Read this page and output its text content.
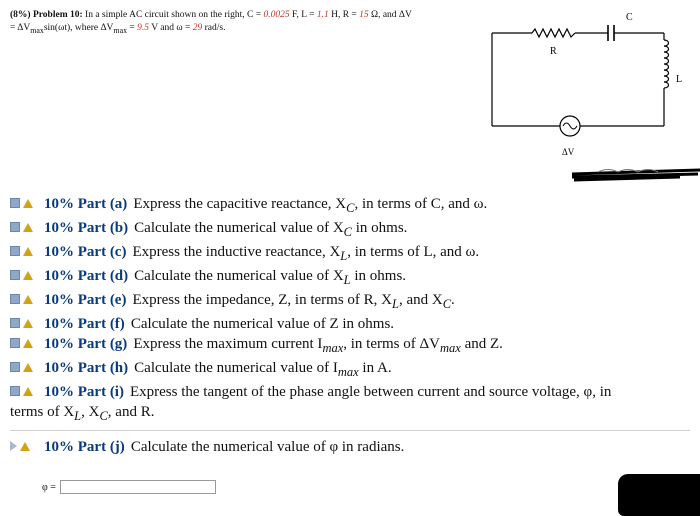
(8%) Problem 10: In a simple AC circuit shown on the right, C = 0.0025 F, L = 1.1 H, R = 15 Ω, and ΔV
= $\Delta V_{max}\sin(\omega t)$, where $\Delta V_{max} = 9.5$ V and ω = 29 rad/s.
C
R
L
ΔV
10% Part (a) Express the capacitive reactance, $X_C$, in terms of C, and ω.
10% Part (b) Calculate the numerical value of $X_C$ in ohms.
10% Part (c) Express the inductive reactance, $X_L$, in terms of L, and ω.
10% Part (d) Calculate the numerical value of $X_L$ in ohms.
10% Part (e) Express the impedance, Z, in terms of R, $X_L$, and $X_C$.
10% Part (f) Calculate the numerical value of Z in ohms.
10% Part (g) Express the maximum current $I_{max}$, in terms of $\Delta V_{max}$ and Z.
10% Part (h) Calculate the numerical value of $I_{max}$ in A.
10% Part (i) Express the tangent of the phase angle between current and source voltage, φ, in
terms of $X_L$, $X_C$, and R.
10% Part (j) Calculate the numerical value of φ in radians.
φ =
